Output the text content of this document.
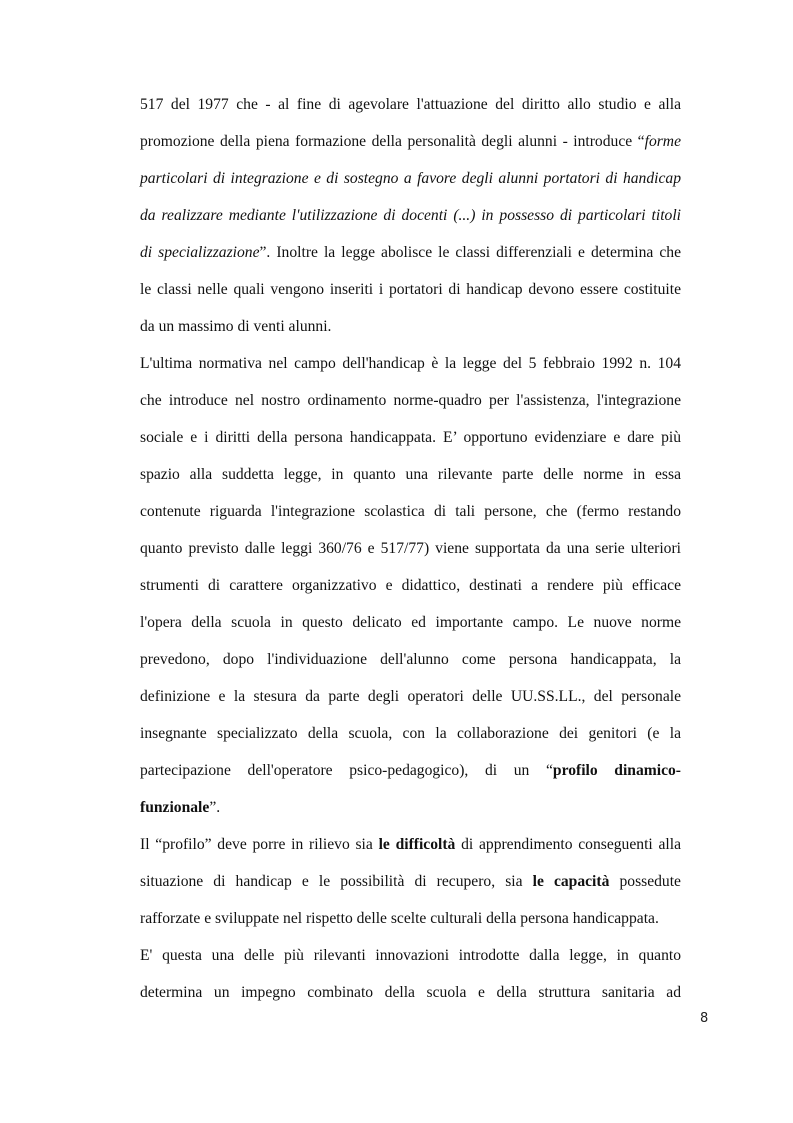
517 del 1977 che - al fine di agevolare l'attuazione del diritto allo studio e alla

promozione della piena formazione della personalità degli alunni - introduce “forme

particolari di integrazione e di sostegno a favore degli alunni portatori di handicap

da realizzare mediante l'utilizzazione di docenti (...) in possesso di particolari titoli

di specializzazione”. Inoltre la legge abolisce le classi differenziali e determina che

le classi nelle quali vengono inseriti i portatori di handicap devono essere costituite

da un massimo di venti alunni.

L'ultima normativa nel campo dell'handicap è la legge del 5 febbraio 1992 n. 104

che introduce nel nostro ordinamento norme-quadro per l'assistenza, l'integrazione

sociale e i diritti della persona handicappata. E’ opportuno evidenziare e dare più

spazio alla suddetta legge, in quanto una rilevante parte delle norme in essa

contenute riguarda l'integrazione scolastica di tali persone, che (fermo restando

quanto previsto dalle leggi 360/76 e 517/77) viene supportata da una serie ulteriori

strumenti di carattere organizzativo e didattico, destinati a rendere più efficace

l'opera della scuola in questo delicato ed importante campo. Le nuove norme

prevedono, dopo l'individuazione dell'alunno come persona handicappata, la

definizione e la stesura da parte degli operatori delle UU.SS.LL., del personale

insegnante specializzato della scuola, con la collaborazione dei genitori (e la

partecipazione dell'operatore psico-pedagogico), di un “profilo dinamico-

funzionale”.

Il “profilo” deve porre in rilievo sia le difficoltà di apprendimento conseguenti alla

situazione di handicap e le possibilità di recupero, sia le capacità possedute

rafforzate e sviluppate nel rispetto delle scelte culturali della persona handicappata.

E' questa una delle più rilevanti innovazioni introdotte dalla legge, in quanto

determina un impegno combinato della scuola e della struttura sanitaria ad

8
